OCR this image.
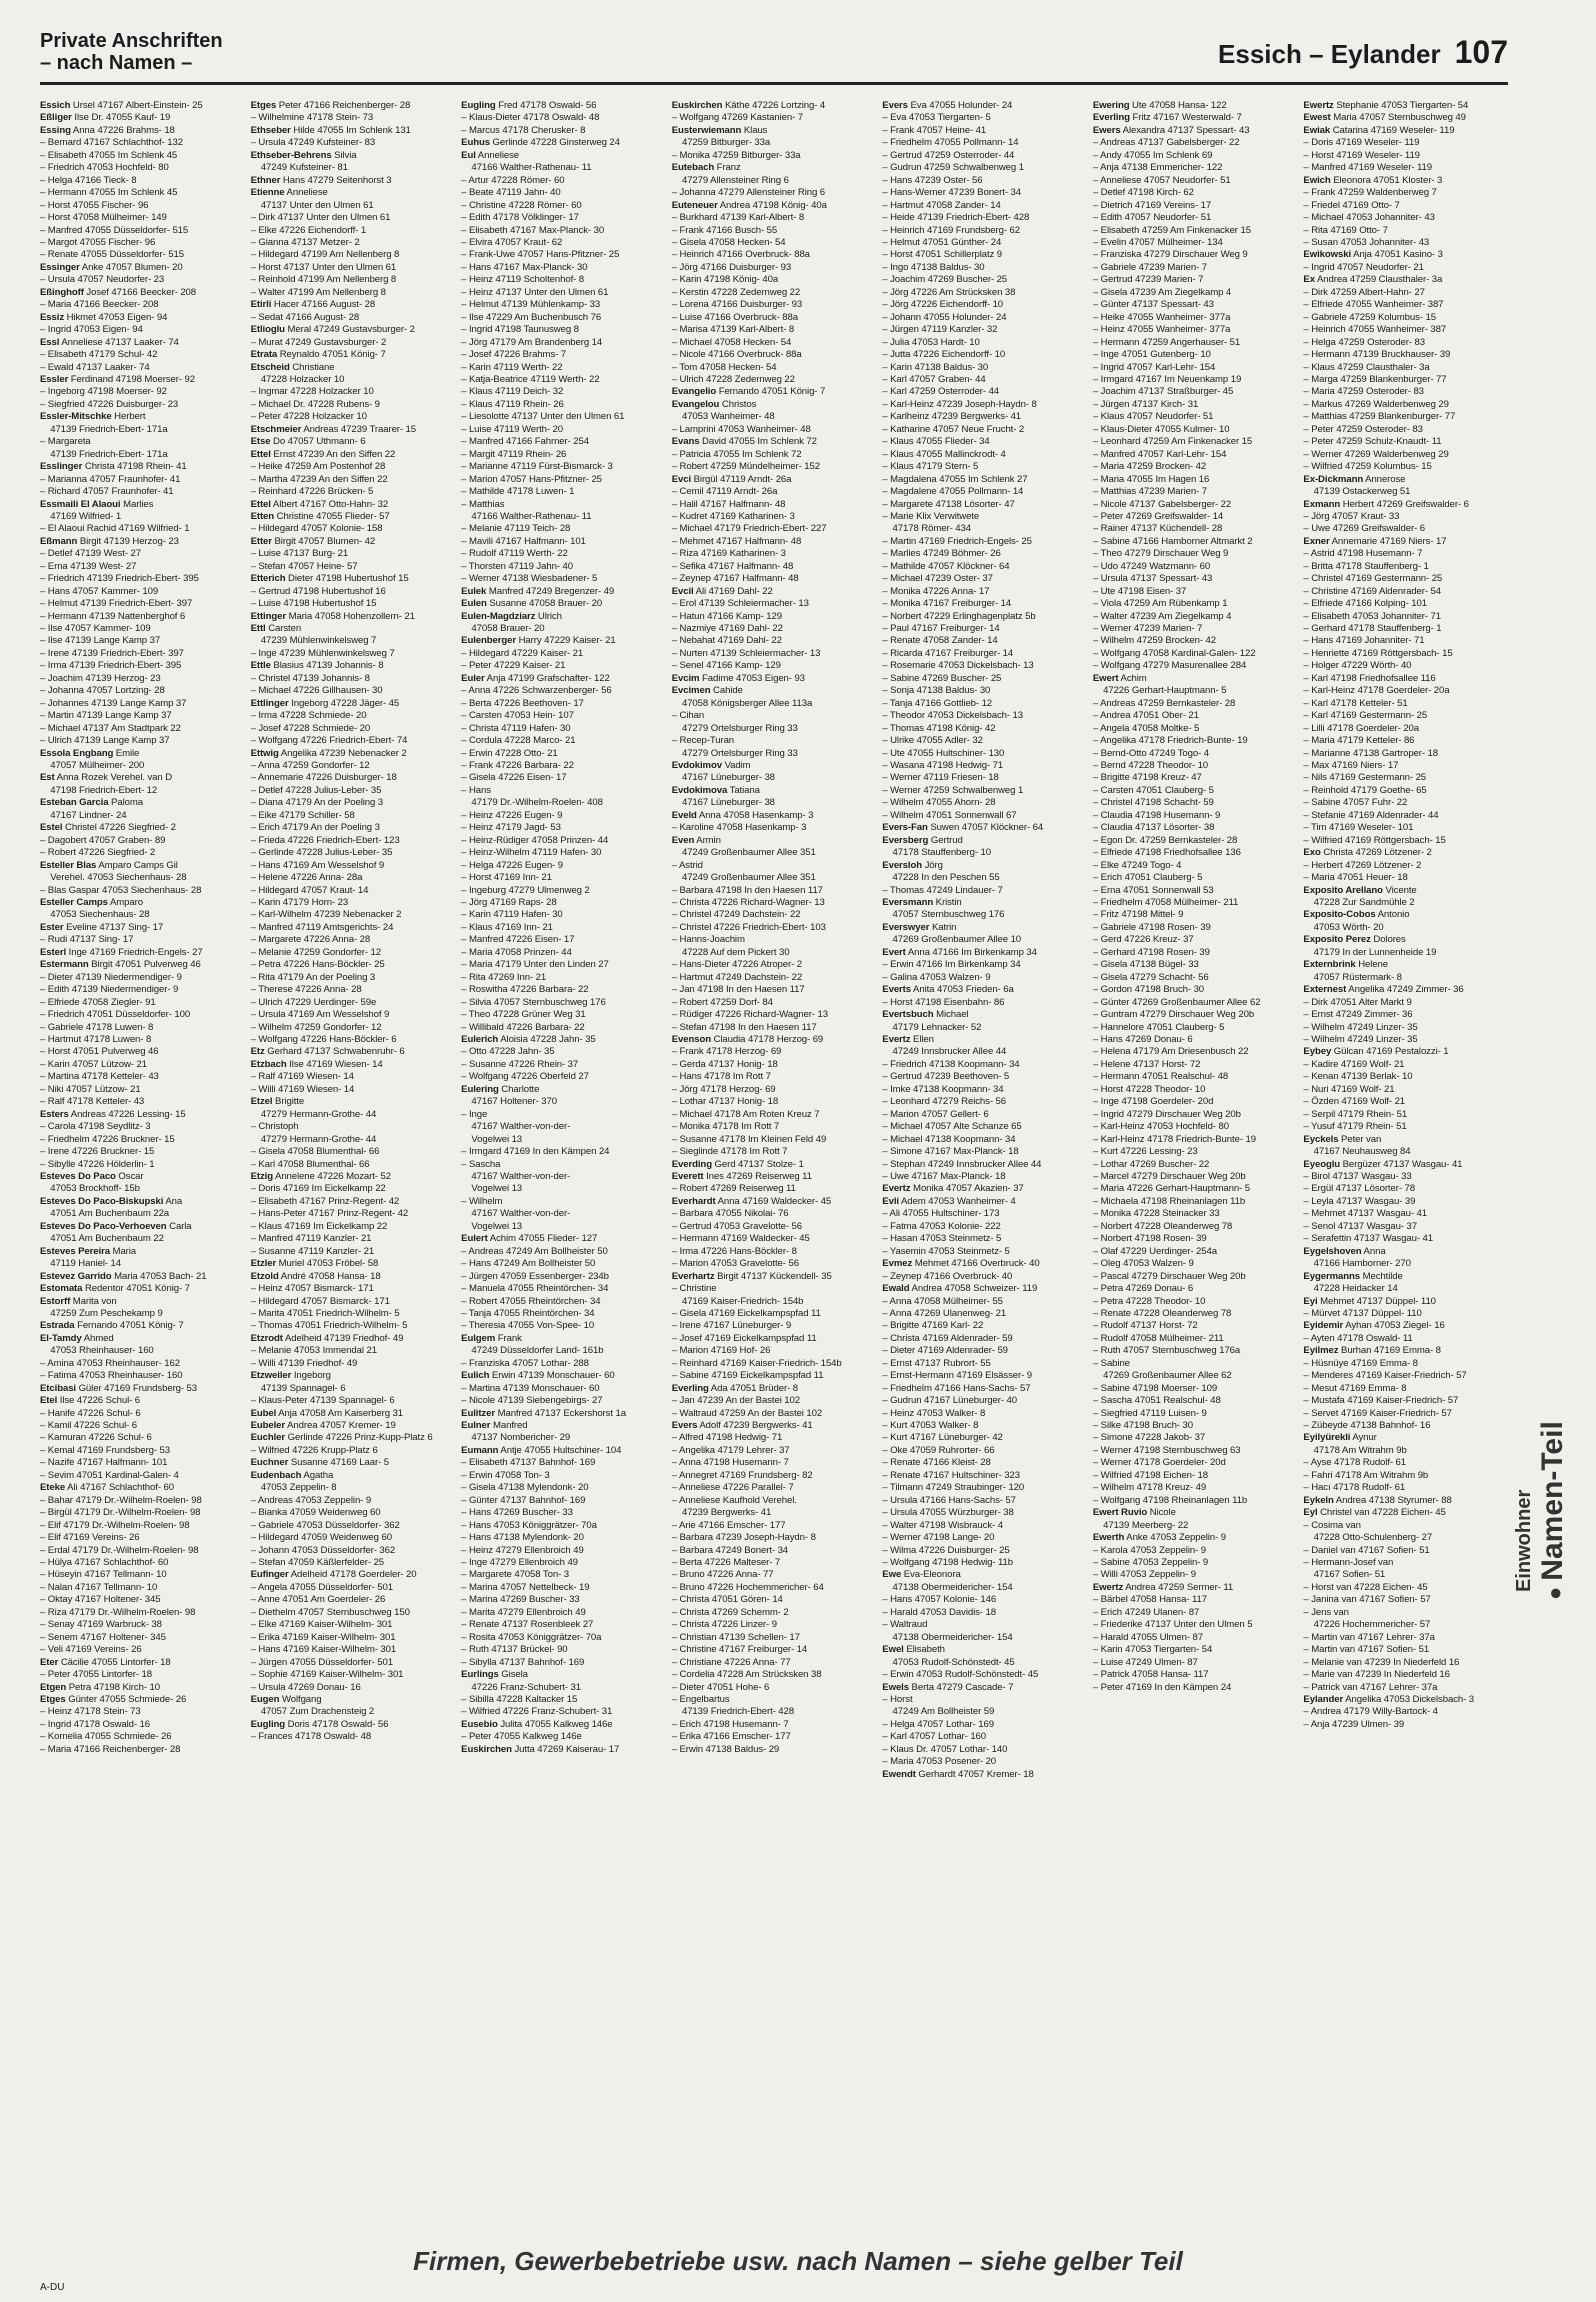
Private Anschriften
– nach Namen –	Essich – Eylander 107
Essich Ursel 47167 Albert-Einstein- 25
Eßliger Ilse Dr. 47055 Kauf- 19
Essing Anna 47226 Brahms- 18
– Bernard 47167 Schlachthof- 132
– Elisabeth 47055 Im Schlenk 45
– Friedrich 47053 Hochfeld- 80
– Helga 47166 Tieck- 8
– Hermann 47055 Im Schlenk 45
– Horst 47055 Fischer- 96
– Horst 47058 Mülheimer- 149
– Manfred 47055 Düsseldorfer- 515
– Margot 47055 Fischer- 96
– Renate 47055 Düsseldorfer- 515
Essinger Anke 47057 Blumen- 20
– Ursula 47057 Neudorfer- 23
Eßinghoff Josef 47166 Beecker- 208
– Maria 47166 Beecker- 208
Essiz Hikmet 47053 Eigen- 94
– Ingrid 47053 Eigen- 94
Essl Anneliese 47137 Laaker- 74
– Elisabeth 47179 Schul- 42
– Ewald 47137 Laaker- 74
Essler Ferdinand 47198 Moerser- 92
– Ingeborg 47198 Moerser- 92
– Siegfried 47226 Duisburger- 23
Essler-Mitschke Herbert
47139 Friedrich-Ebert- 171a
– Margareta
47139 Friedrich-Ebert- 171a
Esslinger Christa 47198 Rhein- 41
– Marianna 47057 Fraunhofer- 41
– Richard 47057 Fraunhofer- 41
Essmaili El Alaoui Marlies
47169 Wilfried- 1
– El Alaoui Rachid 47169 Wilfried- 1
Eßmann Birgit 47139 Herzog- 23
– Detlef 47139 West- 27
– Erna 47139 West- 27
– Friedrich 47139 Friedrich-Ebert- 395
– Hans 47057 Kammer- 109
– Helmut 47139 Friedrich-Ebert- 397
– Hermann 47139 Nattenberghof 6
– Ilse 47057 Kammer- 109
– Ilse 47139 Lange Kamp 37
– Irene 47139 Friedrich-Ebert- 397
– Irma 47139 Friedrich-Ebert- 395
– Joachim 47139 Herzog- 23
– Johanna 47057 Lortzing- 28
– Johannes 47139 Lange Kamp 37
– Martin 47139 Lange Kamp 37
– Michael 47137 Am Stadtpark 22
– Ulrich 47139 Lange Kamp 37
Essola Engbang Emile
47057 Mülheimer- 200
Est Anna Rozek Verehel. van D
47198 Friedrich-Ebert- 12
Esteban Garcia Paloma
47167 Lindner- 24
Estel Christel 47226 Siegfried- 2
– Dagobert 47057 Graben- 89
– Robert 47226 Siegfried- 2
Esteller Blas Amparo Camps Gil
Verehel. 47053 Siechenhaus- 28
– Blas Gaspar 47053 Siechenhaus- 28
Esteller Camps Amparo
47053 Siechenhaus- 28
Ester Eveline 47137 Sing- 17
– Rudi 47137 Sing- 17
Esterl Inge 47169 Friedrich-Engels- 27
Estermann Birgit 47051 Pulverweg 46
– Dieter 47139 Niedermendiger- 9
– Edith 47139 Niedermendiger- 9
– Elfriede 47058 Ziegler- 91
– Friedrich 47051 Düsseldorfer- 100
– Gabriele 47178 Luwen- 8
– Hartmut 47178 Luwen- 8
– Horst 47051 Pulverweg 46
– Karin 47057 Lützow- 21
– Martina 47178 Ketteler- 43
– Niki 47057 Lützow- 21
– Ralf 47178 Ketteler- 43
Esters Andreas 47226 Lessing- 15
– Carola 47198 Seydlitz- 3
– Friedhelm 47226 Bruckner- 15
– Irene 47226 Bruckner- 15
– Sibylle 47226 Hölderlin- 1
Esteves Do Paco Oscar
47053 Brockhoff- 15b
Esteves Do Paco-Biskupski Ana
47051 Am Buchenbaum 22a
Esteves Do Paco-Verhoeven Carla
47051 Am Buchenbaum 22
Esteves Pereira Maria
47119 Haniel- 14
Estevez Garrido Maria 47053 Bach- 21
Estomata Redentor 47051 König- 7
Estorff Marita von
47259 Zum Peschekamp 9
Estrada Fernando 47051 König- 7
El-Tamdy Ahmed
47053 Rheinhauser- 160
– Amina 47053 Rheinhauser- 162
– Fatima 47053 Rheinhauser- 160
Etcibasi Güler 47169 Frundsberg- 53
Etel Ilse 47226 Schul- 6
– Hanife 47226 Schul- 6
– Kamil 47226 Schul- 6
– Kamuran 47226 Schul- 6
– Kemal 47169 Frundsberg- 53
– Nazife 47167 Halfmann- 101
– Sevim 47051 Kardinal-Galen- 4
Eteke Ali 47167 Schlachthof- 60
– Bahar 47179 Dr.-Wilhelm-Roelen- 98
– Birgül 47179 Dr.-Wilhelm-Roelen- 98
– Elif 47179 Dr.-Wilhelm-Roelen- 98
– Elif 47169 Vereins- 26
– Erdal 47179 Dr.-Wilhelm-Roelen- 98
– Hülya 47167 Schlachthof- 60
– Hüseyin 47167 Tellmann- 10
– Nalan 47167 Tellmann- 10
– Oktay 47167 Holtener- 345
– Riza 47179 Dr.-Wilhelm-Roelen- 98
– Senay 47169 Warbruck- 38
– Senem 47167 Holtener- 345
– Veli 47169 Vereins- 26
Eter Cäcilie 47055 Lintorfer- 18
– Peter 47055 Lintorfer- 18
Etgen Petra 47198 Kirch- 10
Etges Günter 47055 Schmiede- 26
– Heinz 47178 Stein- 73
– Ingrid 47178 Oswald- 16
– Kornelia 47055 Schmiede- 26
– Maria 47166 Reichenberger- 28
Etges Peter 47166 Reichenberger- 28
– Wilhelmine 47178 Stein- 73
Ethseber Hilde 47055 Im Schlenk 131
– Ursula 47249 Kufsteiner- 83
Ethseber-Behrens Silvia
47249 Kufsteiner- 81
Ethner Hans 47279 Seitenhorst 3
Etienne Anneliese
47137 Unter den Ulmen 61
– Dirk 47137 Unter den Ulmen 61
– Elke 47226 Eichendorff- 1
– Gianna 47137 Metzer- 2
– Hildegard 47199 Am Nellenberg 8
– Horst 47137 Unter den Ulmen 61
– Reinhold 47199 Am Nellenberg 8
– Walter 47199 Am Nellenberg 8
Etirli Hacer 47166 August- 28
– Sedat 47166 August- 28
Etlioglu Meral 47249 Gustavsburger- 2
– Murat 47249 Gustavsburger- 2
Etrata Reynaldo 47051 König- 7
Etscheid Christiane
47228 Holzacker 10
– Ingmar 47228 Holzacker 10
– Michael Dr. 47228 Rubens- 9
– Peter 47228 Holzacker 10
Etschmeier Andreas 47239 Traarer- 15
Etse Do 47057 Uthmann- 6
Ettel Ernst 47239 An den Siffen 22
– Heike 47259 Am Postenhof 28
– Martha 47239 An den Siffen 22
– Reinhard 47226 Brücken- 5
Ettel Albert 47167 Otto-Hahn- 32
Etten Christine 47055 Flieder- 57
– Hildegard 47057 Kolonie- 158
Etter Birgit 47057 Blumen- 42
– Luise 47137 Burg- 21
– Stefan 47057 Heine- 57
Etterich Dieter 47198 Hubertushof 15
– Gertrud 47198 Hubertushof 16
– Luise 47198 Hubertushof 15
Ettinger Maria 47058 Hohenzollern- 21
Ettl Carsten
47239 Mühlenwinkelsweg 7
– Inge 47239 Mühlenwinkelsweg 7
Ettle Blasius 47139 Johannis- 8
– Christel 47139 Johannis- 8
– Michael 47226 Gillhausen- 30
Ettlinger Ingeborg 47228 Jäger- 45
– Irma 47228 Schmiede- 20
– Josef 47228 Schmiede- 20
– Wolfgang 47226 Friedrich-Ebert- 74
Ettwig Angelika 47239 Nebenacker 2
– Anna 47259 Gondorfer- 12
– Annemarie 47226 Duisburger- 18
– Detlef 47228 Julius-Leber- 35
– Diana 47179 An der Poeling 3
– Eike 47179 Schiller- 58
– Erich 47179 An der Poeling 3
– Frieda 47226 Friedrich-Ebert- 123
– Gerlinde 47228 Julius-Leber- 35
– Hans 47169 Am Wesselshof 9
– Helene 47226 Anna- 28a
– Hildegard 47057 Kraut- 14
– Karin 47179 Horn- 23
– Karl-Wilhelm 47239 Nebenacker 2
– Manfred 47119 Amtsgerichts- 24
– Margarete 47226 Anna- 28
– Melanie 47259 Gondorfer- 12
– Petra 47226 Hans-Böckler- 25
– Rita 47179 An der Poeling 3
– Therese 47226 Anna- 28
– Ulrich 47229 Uerdinger- 59e
– Ursula 47169 Am Wesselshof 9
– Wilhelm 47259 Gondorfer- 12
– Wolfgang 47226 Hans-Böckler- 6
Etz Gerhard 47137 Schwabenruhr- 6
Etzbach Ilse 47169 Wiesen- 14
– Ralf 47169 Wiesen- 14
– Willi 47169 Wiesen- 14
Etzel Brigitte
47279 Hermann-Grothe- 44
– Christoph
47279 Hermann-Grothe- 44
– Gisela 47058 Blumenthal- 66
– Karl 47058 Blumenthal- 66
Etzig Annelene 47226 Mozart- 52
– Doris 47169 Im Eickelkamp 22
– Elisabeth 47167 Prinz-Regent- 42
– Hans-Peter 47167 Prinz-Regent- 42
– Klaus 47169 Im Eickelkamp 22
– Manfred 47119 Kanzler- 21
– Susanne 47119 Kanzler- 21
Etzler Muriel 47053 Fröbel- 58
Etzold André 47058 Hansa- 18
– Heinz 47057 Bismarck- 171
– Hildegard 47057 Bismarck- 171
– Marita 47051 Friedrich-Wilhelm- 5
– Thomas 47051 Friedrich-Wilhelm- 5
Etzrodt Adelheid 47139 Friedhof- 49
– Melanie 47053 Immendal 21
– Willi 47139 Friedhof- 49
Etzweiler Ingeborg
47139 Spannagel- 6
– Klaus-Peter 47139 Spannagel- 6
Eubel Anja 47058 Am Kaiserberg 31
Eubeler Andrea 47057 Kremer- 19
Euchler Gerlinde 47226 Prinz-Kupp-Platz 6
– Wilfried 47226 Krupp-Platz 6
Euchner Susanne 47169 Laar- 5
Eudenbach Agatha
47053 Zeppelin- 8
– Andreas 47053 Zeppelin- 9
– Bianka 47059 Weidenweg 60
– Gabriele 47053 Düsseldorfer- 362
– Hildegard 47059 Weidenweg 60
– Johann 47053 Düsseldorfer- 362
– Stefan 47059 Käßlerfelder- 25
Eufinger Adelheid 47178 Goerdeler- 20
– Angela 47055 Düsseldorfer- 501
– Anne 47051 Am Goerdeler- 26
– Diethelm 47057 Sternbuschweg 150
– Elke 47169 Kaiser-Wilhelm- 301
– Erika 47169 Kaiser-Wilhelm- 301
– Hans 47169 Kaiser-Wilhelm- 301
– Jürgen 47055 Düsseldorfer- 501
– Sophie 47169 Kaiser-Wilhelm- 301
– Ursula 47269 Donau- 16
Eugen Wolfgang
47057 Zum Drachensteig 2
Eugling Doris 47178 Oswald- 56
– Frances 47178 Oswald- 48
Eugling Fred 47178 Oswald- 56
– Klaus-Dieter 47178 Oswald- 48
– Marcus 47178 Cherusker- 8
Euhus Gerlinde 47228 Ginsterweg 24
Eul Anneliese
47166 Walther-Rathenau- 11
– Artur 47228 Römer- 60
– Beate 47119 Jahn- 40
– Christine 47228 Römer- 60
– Edith 47178 Völklinger- 17
– Elisabeth 47167 Max-Planck- 30
– Elvira 47057 Kraut- 62
– Frank-Uwe 47057 Hans-Pfitzner- 25
– Hans 47167 Max-Planck- 30
– Heinz 47119 Scholtenhof- 8
– Heinz 47137 Unter den Ulmen 61
– Helmut 47139 Mühlenkamp- 33
– Ilse 47229 Am Buchenbusch 76
– Ingrid 47198 Taunusweg 8
– Jörg 47179 Am Brandenberg 14
– Josef 47226 Brahms- 7
– Karin 47119 Werth- 22
– Katja-Beatrice 47119 Werth- 22
– Klaus 47119 Deich- 32
– Klaus 47119 Rhein- 26
– Liesolotte 47137 Unter den Ulmen 61
– Luise 47119 Werth- 20
– Manfred 47166 Fahrner- 254
– Margit 47119 Rhein- 26
– Marianne 47119 Fürst-Bismarck- 3
– Marion 47057 Hans-Pfitzner- 25
– Mathilde 47178 Luwen- 1
– Matthias
47166 Walther-Rathenau- 11
– Melanie 47119 Teich- 28
– Mavili 47167 Halfmann- 101
– Rudolf 47119 Werth- 22
– Thorsten 47119 Jahn- 40
– Werner 47138 Wiesbadener- 5
Eulek Manfred 47249 Bregenzer- 49
Eulen Susanne 47058 Brauer- 20
Eulen-Magdziarz Ulrich
47058 Brauer- 20
Eulenberger Harry 47229 Kaiser- 21
– Hildegard 47229 Kaiser- 21
– Peter 47229 Kaiser- 21
Euler Anja 47199 Grafschafter- 122
– Anna 47226 Schwarzenberger- 56
– Berta 47226 Beethoven- 17
– Carsten 47053 Hein- 107
– Christa 47119 Hafen- 30
– Cordula 47228 Marco- 21
– Erwin 47228 Otto- 21
– Frank 47226 Barbara- 22
– Gisela 47226 Eisen- 17
– Hans
47179 Dr.-Wilhelm-Roelen- 408
– Heinz 47226 Eugen- 9
– Heinz 47179 Jagd- 53
– Heinz-Rüdiger 47058 Prinzen- 44
– Heinz-Wilhelm 47119 Hafen- 30
– Helga 47226 Eugen- 9
– Horst 47169 Inn- 21
– Ingeburg 47279 Ulmenweg 2
– Jörg 47169 Raps- 28
– Karin 47119 Hafen- 30
– Klaus 47169 Inn- 21
– Manfred 47226 Eisen- 17
– Maria 47058 Prinzen- 44
– Maria 47179 Unter den Linden 27
– Rita 47269 Inn- 21
– Roswitha 47226 Barbara- 22
– Silvia 47057 Sternbuschweg 176
– Theo 47228 Grüner Weg 31
– Willibald 47226 Barbara- 22
Eulerich Aloisia 47228 Jahn- 35
– Otto 47228 Jahn- 35
– Susanne 47226 Rhein- 37
– Wolfgang 47226 Oberfeld 27
Eulering Charlotte
47167 Holtener- 370
– Inge
47167 Walther-von-der-
Vogelwei 13
– Irmgard 47169 In den Kämpen 24
– Sascha
47167 Walther-von-der-
Vogelwei 13
– Wilhelm
47167 Walther-von-der-
Vogelwei 13
Eulert Achim 47055 Flieder- 127
– Andreas 47249 Am Bollheister 50
– Hans 47249 Am Bollheister 50
– Jürgen 47059 Essenberger- 234b
– Manuela 47055 Rheintörchen- 34
– Robert 47055 Rheintörchen- 34
– Tanja 47055 Rheintörchen- 34
– Theresia 47055 Von-Spee- 10
Eulgem Frank
47249 Düsseldorfer Land- 161b
– Franziska 47057 Lothar- 288
Eulich Erwin 47139 Monschauer- 60
– Martina 47139 Monschauer- 60
– Nicole 47139 Siebengebirgs- 27
Eulitzer Manfred 47137 Eckershorst 1a
Eulner Manfred
47137 Nombericher- 29
Eumann Antje 47055 Hultschiner- 104
– Elisabeth 47137 Bahnhof- 169
– Erwin 47058 Ton- 3
– Gisela 47138 Mylendonk- 20
– Günter 47137 Bahnhof- 169
– Hans 47269 Buscher- 33
– Hans 47053 Königgrätzer- 70a
– Hans 47138 Mylendonk- 20
– Heinz 47279 Ellenbroich 49
– Inge 47279 Ellenbroich 49
– Margarete 47058 Ton- 3
– Marina 47057 Nettelbeck- 19
– Marina 47269 Buscher- 33
– Marita 47279 Ellenbroich 49
– Renate 47137 Rosenbleek 27
– Rosita 47053 Königgrätzer- 70a
– Ruth 47137 Brückel- 90
– Sibylla 47137 Bahnhof- 169
Eurlings Gisela
47226 Franz-Schubert- 31
– Sibilla 47228 Kaltacker 15
– Wilfried 47226 Franz-Schubert- 31
Eusebio Julita 47055 Kalkweg 146e
– Peter 47055 Kalkweg 146e
Euskirchen Jutta 47269 Kaiserau- 17
Euskirchen Käthe 47226 Lortzing- 4
– Wolfgang 47269 Kastanien- 7
Eusterwiemann Klaus
47259 Bitburger- 33a
– Monika 47259 Bitburger- 33a
Eutebach Franz
47279 Allensteiner Ring 6
– Johanna 47279 Allensteiner Ring 6
Euteneuer Andrea 47198 König- 40a
– Burkhard 47139 Karl-Albert- 8
– Frank 47166 Busch- 55
– Gisela 47058 Hecken- 54
– Heinrich 47166 Overbruck- 88a
– Jörg 47166 Duisburger- 93
– Karin 47198 König- 40a
– Kerstin 47228 Zedernweg 22
– Lorena 47166 Duisburger- 93
– Luise 47166 Overbruck- 88a
– Marisa 47139 Karl-Albert- 8
– Michael 47058 Hecken- 54
– Nicole 47166 Overbruck- 88a
– Tom 47058 Hecken- 54
– Ulrich 47228 Zedernweg 22
Evangelio Fernando 47051 König- 7
Evangelou Christos
47053 Wanheimer- 48
– Lamprini 47053 Wanheimer- 48
Evans David 47055 Im Schlenk 72
– Patricia 47055 Im Schlenk 72
– Robert 47259 Mündelheimer- 152
Evci Birgül 47119 Arndt- 26a
– Cemil 47119 Arndt- 26a
– Halil 47167 Halfmann- 48
– Kudret 47169 Katharinen- 3
– Michael 47179 Friedrich-Ebert- 227
– Mehmet 47167 Halfmann- 48
– Riza 47169 Katharinen- 3
– Sefika 47167 Halfmann- 48
– Zeynep 47167 Halfmann- 48
Evcil Ali 47169 Dahl- 22
– Erol 47139 Schleiermacher- 13
– Hatun 47166 Kamp- 129
– Nazmiye 47169 Dahl- 22
– Nebahat 47169 Dahl- 22
– Nurten 47139 Schleiermacher- 13
– Senel 47166 Kamp- 129
Evcim Fadime 47053 Eigen- 93
Evcimen Cahide
47058 Königsberger Allee 113a
– Cihan
47279 Ortelsburger Ring 33
– Recep-Turan
47279 Ortelsburger Ring 33
Evdokimov Vadim
47167 Lüneburger- 38
Evdokimova Tatiana
47167 Lüneburger- 38
Eveld Anna 47058 Hasenkamp- 3
– Karoline 47058 Hasenkamp- 3
Even Armin
47249 Großenbaumer Allee 351
– Astrid
47249 Großenbaumer Allee 351
– Barbara 47198 In den Haesen 117
– Christa 47226 Richard-Wagner- 13
– Christel 47249 Dachstein- 22
– Christel 47226 Friedrich-Ebert- 103
– Hanns-Joachim
47228 Auf dem Pickert 30
– Hans-Dieter 47226 Atroper- 2
– Hartmut 47249 Dachstein- 22
– Jan 47198 In den Haesen 117
– Robert 47259 Dorf- 84
– Rüdiger 47226 Richard-Wagner- 13
– Stefan 47198 In den Haesen 117
Evenson Claudia 47178 Herzog- 69
– Frank 47178 Herzog- 69
– Gerda 47137 Honig- 18
– Hans 47178 Im Rott 7
– Jörg 47178 Herzog- 69
– Lothar 47137 Honig- 18
– Michael 47178 Am Roten Kreuz 7
– Monika 47178 Im Rott 7
– Susanne 47178 Im Kleinen Feld 49
– Sieglinde 47178 Im Rott 7
Everding Gerd 47137 Stolze- 1
Everett Ines 47269 Reiserweg 11
– Robert 47269 Reiserweg 11
Everhardt Anna 47169 Waldecker- 45
– Barbara 47055 Nikolai- 76
– Gertrud 47053 Gravelotte- 56
– Hermann 47169 Waldecker- 45
– Irma 47226 Hans-Böckler- 8
– Marion 47053 Gravelotte- 56
Everhartz Birgit 47137 Kückendell- 35
– Christine
47169 Kaiser-Friedrich- 154b
– Gisela 47169 Eickelkampspfad 11
– Irene 47167 Lüneburger- 9
– Josef 47169 Eickelkampspfad 11
– Marion 47169 Hof- 26
– Reinhard 47169 Kaiser-Friedrich- 154b
– Sabine 47169 Eickelkampspfad 11
Everling Ada 47051 Brüder- 8
– Jan 47239 An der Bastei 102
– Waltraud 47259 An der Bastei 102
Evers Adolf 47239 Bergwerks- 41
– Alfred 47198 Hedwig- 71
– Angelika 47179 Lehrer- 37
– Anna 47198 Husemann- 7
– Annegret 47169 Frundsberg- 82
– Anneliese 47226 Parallel- 7
– Anneliese Kaufhold Verehel.
47239 Bergwerks- 41
– Arie 47166 Emscher- 177
– Barbara 47239 Joseph-Haydn- 8
– Barbara 47249 Bonert- 34
– Berta 47226 Malteser- 7
– Bruno 47226 Anna- 77
– Bruno 47226 Hochemmericher- 64
– Christa 47051 Gören- 14
– Christa 47269 Schemm- 2
– Christa 47226 Linzer- 9
– Christian 47139 Schellen- 17
– Christine 47167 Freiburger- 14
– Christiane 47226 Anna- 77
– Cordelia 47228 Am Strücksken 38
– Dieter 47051 Hohe- 6
– Engelbartus
47139 Friedrich-Ebert- 428
– Erich 47198 Husemann- 7
– Erika 47166 Emscher- 177
– Erwin 47138 Baldus- 29
Evers Eva 47055 Holunder- 24
– Eva 47053 Tiergarten- 5
– Frank 47057 Heine- 41
– Friedhelm 47055 Pollmann- 14
– Gertrud 47259 Osterroder- 44
– Gudrun 47259 Schwalbenweg 1
– Hans 47239 Oster- 56
– Hans-Werner 47239 Bonert- 34
– Hartmut 47058 Zander- 14
– Heide 47139 Friedrich-Ebert- 428
– Heinrich 47169 Frundsberg- 62
– Helmut 47051 Günther- 24
– Horst 47051 Schillerplatz 9
– Ingo 47138 Baldus- 30
– Joachim 47269 Buscher- 25
– Jörg 47226 Am Strücksken 38
– Jörg 47226 Eichendorff- 10
– Johann 47055 Holunder- 24
– Jürgen 47119 Kanzler- 32
– Julia 47053 Hardt- 10
– Jutta 47226 Eichendorff- 10
– Karin 47138 Baldus- 30
– Karl 47057 Graben- 44
– Karl 47259 Osterroder- 44
– Karl-Heinz 47239 Joseph-Haydn- 8
– Karlheinz 47239 Bergwerks- 41
– Katharine 47057 Neue Frucht- 2
– Klaus 47055 Flieder- 34
– Klaus 47055 Mallinckrodt- 4
– Klaus 47179 Stern- 5
– Magdalena 47055 Im Schlenk 27
– Magdalene 47055 Pollmann- 14
– Margarete 47138 Lösorter- 47
– Marie Klix Verwitwete
47178 Römer- 434
– Martin 47169 Friedrich-Engels- 25
– Marlies 47249 Böhmer- 26
– Mathilde 47057 Klöckner- 64
– Michael 47239 Oster- 37
– Monika 47226 Anna- 17
– Monika 47167 Freiburger- 14
– Norbert 47229 Erlinghagenplatz 5b
– Paul 47167 Freiburger- 14
– Renate 47058 Zander- 14
– Ricarda 47167 Freiburger- 14
– Rosemarie 47053 Dickelsbach- 13
– Sabine 47269 Buscher- 25
– Sonja 47138 Baldus- 30
– Tanja 47166 Gottlieb- 12
– Theodor 47053 Dickelsbach- 13
– Thomas 47198 König- 42
– Ulrike 47055 Adler- 32
– Ute 47055 Hultschiner- 130
– Wasana 47198 Hedwig- 71
– Werner 47119 Friesen- 18
– Werner 47259 Schwalbenweg 1
– Wilhelm 47055 Ahorn- 28
– Wilhelm 47051 Sonnenwall 67
Evers-Fan Suwen 47057 Klöckner- 64
Eversberg Gertrud
47178 Stauffenberg- 10
Eversloh Jörg
47228 In den Peschen 55
– Thomas 47249 Lindauer- 7
Eversmann Kristin
47057 Sternbuschweg 176
Everswyer Katrin
47269 Großenbaumer Allee 10
Evert Anna 47166 Im Birkenkamp 34
– Erwin 47166 Im Birkenkamp 34
– Galina 47053 Walzen- 9
Everts Anita 47053 Frieden- 6a
– Horst 47198 Eisenbahn- 86
Evertsbuch Michael
47179 Lehnacker- 52
Evertz Ellen
47249 Innsbrucker Allee 44
– Friedrich 47138 Koopmann- 34
– Gertrud 47239 Beethoven- 5
– Imke 47138 Koopmann- 34
– Leonhard 47279 Reichs- 56
– Marion 47057 Gellert- 6
– Michael 47057 Alte Schanze 65
– Michael 47138 Koopmann- 34
– Simone 47167 Max-Planck- 18
– Stephan 47249 Innsbrucker Allee 44
– Uwe 47167 Max-Planck- 18
Evertz Monika 47057 Akazien- 37
Evli Adem 47053 Wanheimer- 4
– Ali 47055 Hultschiner- 173
– Fatma 47053 Kolonie- 222
– Hasan 47053 Steinmetz- 5
– Yasemin 47053 Steinmetz- 5
Evmez Mehmet 47166 Overbruck- 40
– Zeynep 47166 Overbruck- 40
Ewald Andrea 47058 Schweizer- 119
– Anna 47058 Mülheimer- 55
– Anna 47269 Ulanenweg- 21
– Brigitte 47169 Karl- 22
– Christa 47169 Aldenrader- 59
– Dieter 47169 Aldenrader- 59
– Ernst 47137 Rubrort- 55
– Ernst-Hermann 47169 Elsässer- 9
– Friedhelm 47166 Hans-Sachs- 57
– Gudrun 47167 Lüneburger- 40
– Heinz 47053 Walker- 8
– Kurt 47053 Walker- 8
– Kurt 47167 Lüneburger- 42
– Oke 47059 Ruhrorter- 66
– Renate 47166 Kleist- 28
– Renate 47167 Hultschiner- 323
– Tilmann 47249 Straubinger- 120
– Ursula 47166 Hans-Sachs- 57
– Ursula 47055 Würzburger- 38
– Walter 47198 Wisbrauck- 4
– Werner 47198 Lange- 20
– Wilma 47226 Duisburger- 25
– Wolfgang 47198 Hedwig- 11b
Ewe Eva-Eleonora
47138 Obermeidericher- 154
– Hans 47057 Kolonie- 146
– Harald 47053 Davidis- 18
– Waltraud
47138 Obermeidericher- 154
Ewel Elisabeth
47053 Rudolf-Schönstedt- 45
– Erwin 47053 Rudolf-Schönstedt- 45
Ewels Berta 47279 Cascade- 7
– Horst
47249 Am Bollheister 59
– Helga 47057 Lothar- 169
– Karl 47057 Lothar- 160
– Klaus Dr. 47057 Lothar- 140
– Maria 47053 Posener- 20
Ewendt Gerhardt 47057 Kremer- 18
Ewering Ute 47058 Hansa- 122
Everling Fritz 47167 Westerwald- 7
Ewers Alexandra 47137 Spessart- 43
– Andreas 47137 Gabelsberger- 22
– Andy 47055 Im Schlenk 69
– Anja 47138 Emmericher- 122
– Anneliese 47057 Neudorfer- 51
– Detlef 47198 Kirch- 62
– Dietrich 47169 Vereins- 17
– Edith 47057 Neudorfer- 51
– Elisabeth 47259 Am Finkenacker 15
– Evelin 47057 Mülheimer- 134
– Franziska 47279 Dirschauer Weg 9
– Gabriele 47239 Marien- 7
– Gertrud 47239 Marien- 7
– Gisela 47239 Am Ziegelkamp 4
– Günter 47137 Spessart- 43
– Heike 47055 Wanheimer- 377a
– Heinz 47055 Wanheimer- 377a
– Hermann 47259 Angerhauser- 51
– Inge 47051 Gutenberg- 10
– Ingrid 47057 Karl-Lehr- 154
– Irmgard 47167 Im Neuenkamp 19
– Joachim 47137 Straßburger- 45
– Jürgen 47137 Kirch- 31
– Klaus 47057 Neudorfer- 51
– Klaus-Dieter 47055 Kulmer- 10
– Leonhard 47259 Am Finkenacker 15
– Manfred 47057 Karl-Lehr- 154
– Maria 47259 Brocken- 42
– Maria 47055 Im Hagen 16
– Matthias 47239 Marien- 7
– Nicole 47137 Gabelsberger- 22
– Peter 47269 Greifswalder- 14
– Rainer 47137 Küchendell- 28
– Sabine 47166 Hamborner Altmarkt 2
– Theo 47279 Dirschauer Weg 9
– Udo 47249 Watzmann- 60
– Ursula 47137 Spessart- 43
– Ute 47198 Eisen- 37
– Viola 47259 Am Rübenkamp 1
– Walter 47239 Am Ziegelkamp 4
– Werner 47239 Marien- 7
– Wilhelm 47259 Brocken- 42
– Wolfgang 47058 Kardinal-Galen- 122
– Wolfgang 47279 Masurenallee 284
Ewert Achim
47226 Gerhart-Hauptmann- 5
– Andreas 47259 Bernkasteler- 28
– Andrea 47051 Ober- 21
– Angela 47058 Moltke- 5
– Angelika 47178 Friedrich-Bunte- 19
– Bernd-Otto 47249 Togo- 4
– Bernd 47228 Theodor- 10
– Brigitte 47198 Kreuz- 47
– Carsten 47051 Clauberg- 5
– Christel 47198 Schacht- 59
– Claudia 47198 Husemann- 9
– Claudia 47137 Lösorter- 38
– Egon Dr. 47259 Bernkasteler- 28
– Elfriede 47198 Friedhofsallee 136
– Elke 47249 Togo- 4
– Erich 47051 Clauberg- 5
– Erna 47051 Sonnenwall 53
– Friedhelm 47058 Mülheimer- 211
– Fritz 47198 Mittel- 9
– Gabriele 47198 Rosen- 39
– Gerd 47226 Kreuz- 37
– Gerhard 47198 Rosen- 39
– Gisela 47138 Bügel- 33
– Gisela 47279 Schacht- 56
– Gordon 47198 Bruch- 30
– Günter 47269 Großenbaumer Allee 62
– Guntram 47279 Dirschauer Weg 20b
– Hannelore 47051 Clauberg- 5
– Hans 47269 Donau- 6
– Helena 47179 Am Driesenbusch 22
– Helene 47137 Horst- 72
– Hermann 47051 Realschul- 48
– Horst 47228 Theodor- 10
– Inge 47198 Goerdeler- 20d
– Ingrid 47279 Dirschauer Weg 20b
– Karl-Heinz 47053 Hochfeld- 80
– Karl-Heinz 47178 Friedrich-Bunte- 19
– Kurt 47226 Lessing- 23
– Lothar 47269 Buscher- 22
– Marcel 47279 Dirschauer Weg 20b
– Maria 47226 Gerhart-Hauptmann- 5
– Michaela 47198 Rheinanlagen 11b
– Monika 47228 Steinacker 33
– Norbert 47228 Oleanderweg 78
– Norbert 47198 Rosen- 39
– Olaf 47229 Uerdinger- 254a
– Oleg 47053 Walzen- 9
– Pascal 47279 Dirschauer Weg 20b
– Petra 47269 Donau- 6
– Petra 47228 Theodor- 10
– Renate 47228 Oleanderweg 78
– Rudolf 47137 Horst- 72
– Rudolf 47058 Mülheimer- 211
– Ruth 47057 Sternbuschweg 176a
– Sabine
47269 Großenbaumer Allee 62
– Sabine 47198 Moerser- 109
– Sascha 47051 Realschul- 48
– Siegfried 47119 Luisen- 9
– Silke 47198 Bruch- 30
– Simone 47228 Jakob- 37
– Werner 47198 Sternbuschweg 63
– Werner 47178 Goerdeler- 20d
– Wilfried 47198 Eichen- 18
– Wilhelm 47178 Kreuz- 49
– Wolfgang 47198 Rheinanlagen 11b
Ewert Ruvio Nicole
47139 Meerberg- 22
Ewerth Anke 47053 Zeppelin- 9
– Karola 47053 Zeppelin- 9
– Sabine 47053 Zeppelin- 9
– Willi 47053 Zeppelin- 9
Ewertz Andrea 47259 Sermer- 11
– Bärbel 47058 Hansa- 117
– Erich 47249 Ulanen- 87
– Friederike 47137 Unter den Ulmen 5
– Harald 47055 Ulmen- 87
– Karin 47053 Tiergarten- 54
– Luise 47249 Ulmen- 87
– Patrick 47058 Hansa- 117
– Peter 47169 In den Kämpen 24
Ewertz Stephanie 47053 Tiergarten- 54
Ewest Maria 47057 Sternbuschweg 49
Ewiak Catarina 47169 Weseler- 119
– Doris 47169 Weseler- 119
– Horst 47169 Weseler- 119
– Manfred 47169 Weseler- 119
Ewich Eleonora 47051 Kloster- 3
– Frank 47259 Waldenberweg 7
– Friedel 47169 Otto- 7
– Michael 47053 Johanniter- 43
– Rita 47169 Otto- 7
– Susan 47053 Johanniter- 43
Ewikowski Anja 47051 Kasino- 3
– Ingrid 47057 Neudorfer- 21
Ex Andrea 47259 Clausthaler- 3a
– Dirk 47259 Albert-Hahn- 27
– Elfriede 47055 Wanheimer- 387
– Gabriele 47259 Kolumbus- 15
– Heinrich 47055 Wanheimer- 387
– Helga 47259 Osteroder- 83
– Hermann 47139 Bruckhauser- 39
– Klaus 47259 Clausthaler- 3a
– Marga 47259 Blankenburger- 77
– Maria 47259 Osteroder- 83
– Markus 47269 Walderbenweg 29
– Matthias 47259 Blankenburger- 77
– Peter 47259 Osteroder- 83
– Peter 47259 Schulz-Knaudt- 11
– Werner 47269 Walderbenweg 29
– Wilfried 47259 Kolumbus- 15
Ex-Dickmann Annerose
47139 Ostackerweg 51
Exmann Herbert 47269 Greifswalder- 6
– Jörg 47057 Kraut- 33
– Uwe 47269 Greifswalder- 6
Exner Annemarie 47169 Niers- 17
– Astrid 47198 Husemann- 7
– Britta 47178 Stauffenberg- 1
– Christel 47169 Gestermann- 25
– Christine 47169 Aldenrader- 54
– Elfriede 47166 Kolping- 101
– Elisabeth 47053 Johanniter- 71
– Gerhard 47178 Stauffenberg- 1
– Hans 47169 Johanniter- 71
– Henriette 47169 Röttgersbach- 15
– Holger 47229 Wörth- 40
– Karl 47198 Friedhofsallee 116
– Karl-Heinz 47178 Goerdeler- 20a
– Karl 47178 Ketteler- 51
– Karl 47169 Gestermann- 25
– Lilli 47178 Goerdeler- 20a
– Maria 47179 Ketteler- 86
– Marianne 47138 Gartroper- 18
– Max 47169 Niers- 17
– Nils 47169 Gestermann- 25
– Reinhold 47179 Goethe- 65
– Sabine 47057 Fuhr- 22
– Stefanie 47169 Aldenrader- 44
– Tim 47169 Weseler- 101
– Wilfried 47169 Röttgersbach- 15
Exo Christa 47269 Lötzener- 2
– Herbert 47269 Lötzener- 2
– Maria 47051 Heuer- 18
Exposito Arellano Vicente
47228 Zur Sandmühle 2
Exposito-Cobos Antonio
47053 Wörth- 20
Exposito Perez Dolores
47179 In der Lunnenheide 19
Externbrink Helene
47057 Rüstermark- 8
Externest Angelika 47249 Zimmer- 36
– Dirk 47051 Alter Markt 9
– Ernst 47249 Zimmer- 36
– Wilhelm 47249 Linzer- 35
– Wilhelm 47249 Linzer- 35
Eybey Gülcan 47169 Pestalozzi- 1
– Kadire 47169 Wolf- 21
– Kenan 47139 Berlak- 10
– Nuri 47169 Wolf- 21
– Özden 47169 Wolf- 21
– Serpil 47179 Rhein- 51
– Yusuf 47179 Rhein- 51
Eyckels Peter van
47167 Neuhausweg 84
Eyeoglu Bergüzer 47137 Wasgau- 41
– Birol 47137 Wasgau- 33
– Ergül 47137 Lösorter- 78
– Leyla 47137 Wasgau- 39
– Mehmet 47137 Wasgau- 41
– Senol 47137 Wasgau- 37
– Serafettin 47137 Wasgau- 41
Eygelshoven Anna
47166 Hamborner- 270
Eygermanns Mechtilde
47228 Heidacker 14
Eyi Mehmet 47137 Düppel- 110
– Mürvet 47137 Düppel- 110
Eyidemir Ayhan 47053 Ziegel- 16
– Ayten 47178 Oswald- 11
Eyilmez Burhan 47169 Emma- 8
– Hüsnüye 47169 Emma- 8
– Menderes 47169 Kaiser-Friedrich- 57
– Mesut 47169 Emma- 8
– Mustafa 47169 Kaiser-Friedrich- 57
– Servet 47169 Kaiser-Friedrich- 57
– Zübeyde 47138 Bahnhof- 16
Eyilyürekli Aynur
47178 Am Witrahm 9b
– Ayse 47178 Rudolf- 61
– Fahri 47178 Am Witrahm 9b
– Hacı 47178 Rudolf- 61
Eykeln Andrea 47138 Styrumer- 88
Eyl Christel van 47228 Eichen- 45
– Cosima van
47228 Otto-Schulenberg- 27
– Daniel van 47167 Sofien- 51
– Hermann-Josef van
47167 Sofien- 51
– Horst van 47228 Eichen- 45
– Janina van 47167 Sofien- 57
– Jens van
47226 Hochemmericher- 57
– Martin van 47167 Lehrer- 37a
– Martin van 47167 Sofien- 51
– Melanie van 47239 In Niederfeld 16
– Marie van 47239 In Niederfeld 16
– Patrick van 47167 Lehrer- 37a
Eylander Angelika 47053 Dickelsbach- 3
– Andrea 47179 Willy-Bartock- 4
– Anja 47239 Ulmen- 39
Einwohner
●Namen-Teil
Firmen, Gewerbebetriebe usw. nach Namen – siehe gelber Teil
A-DU
